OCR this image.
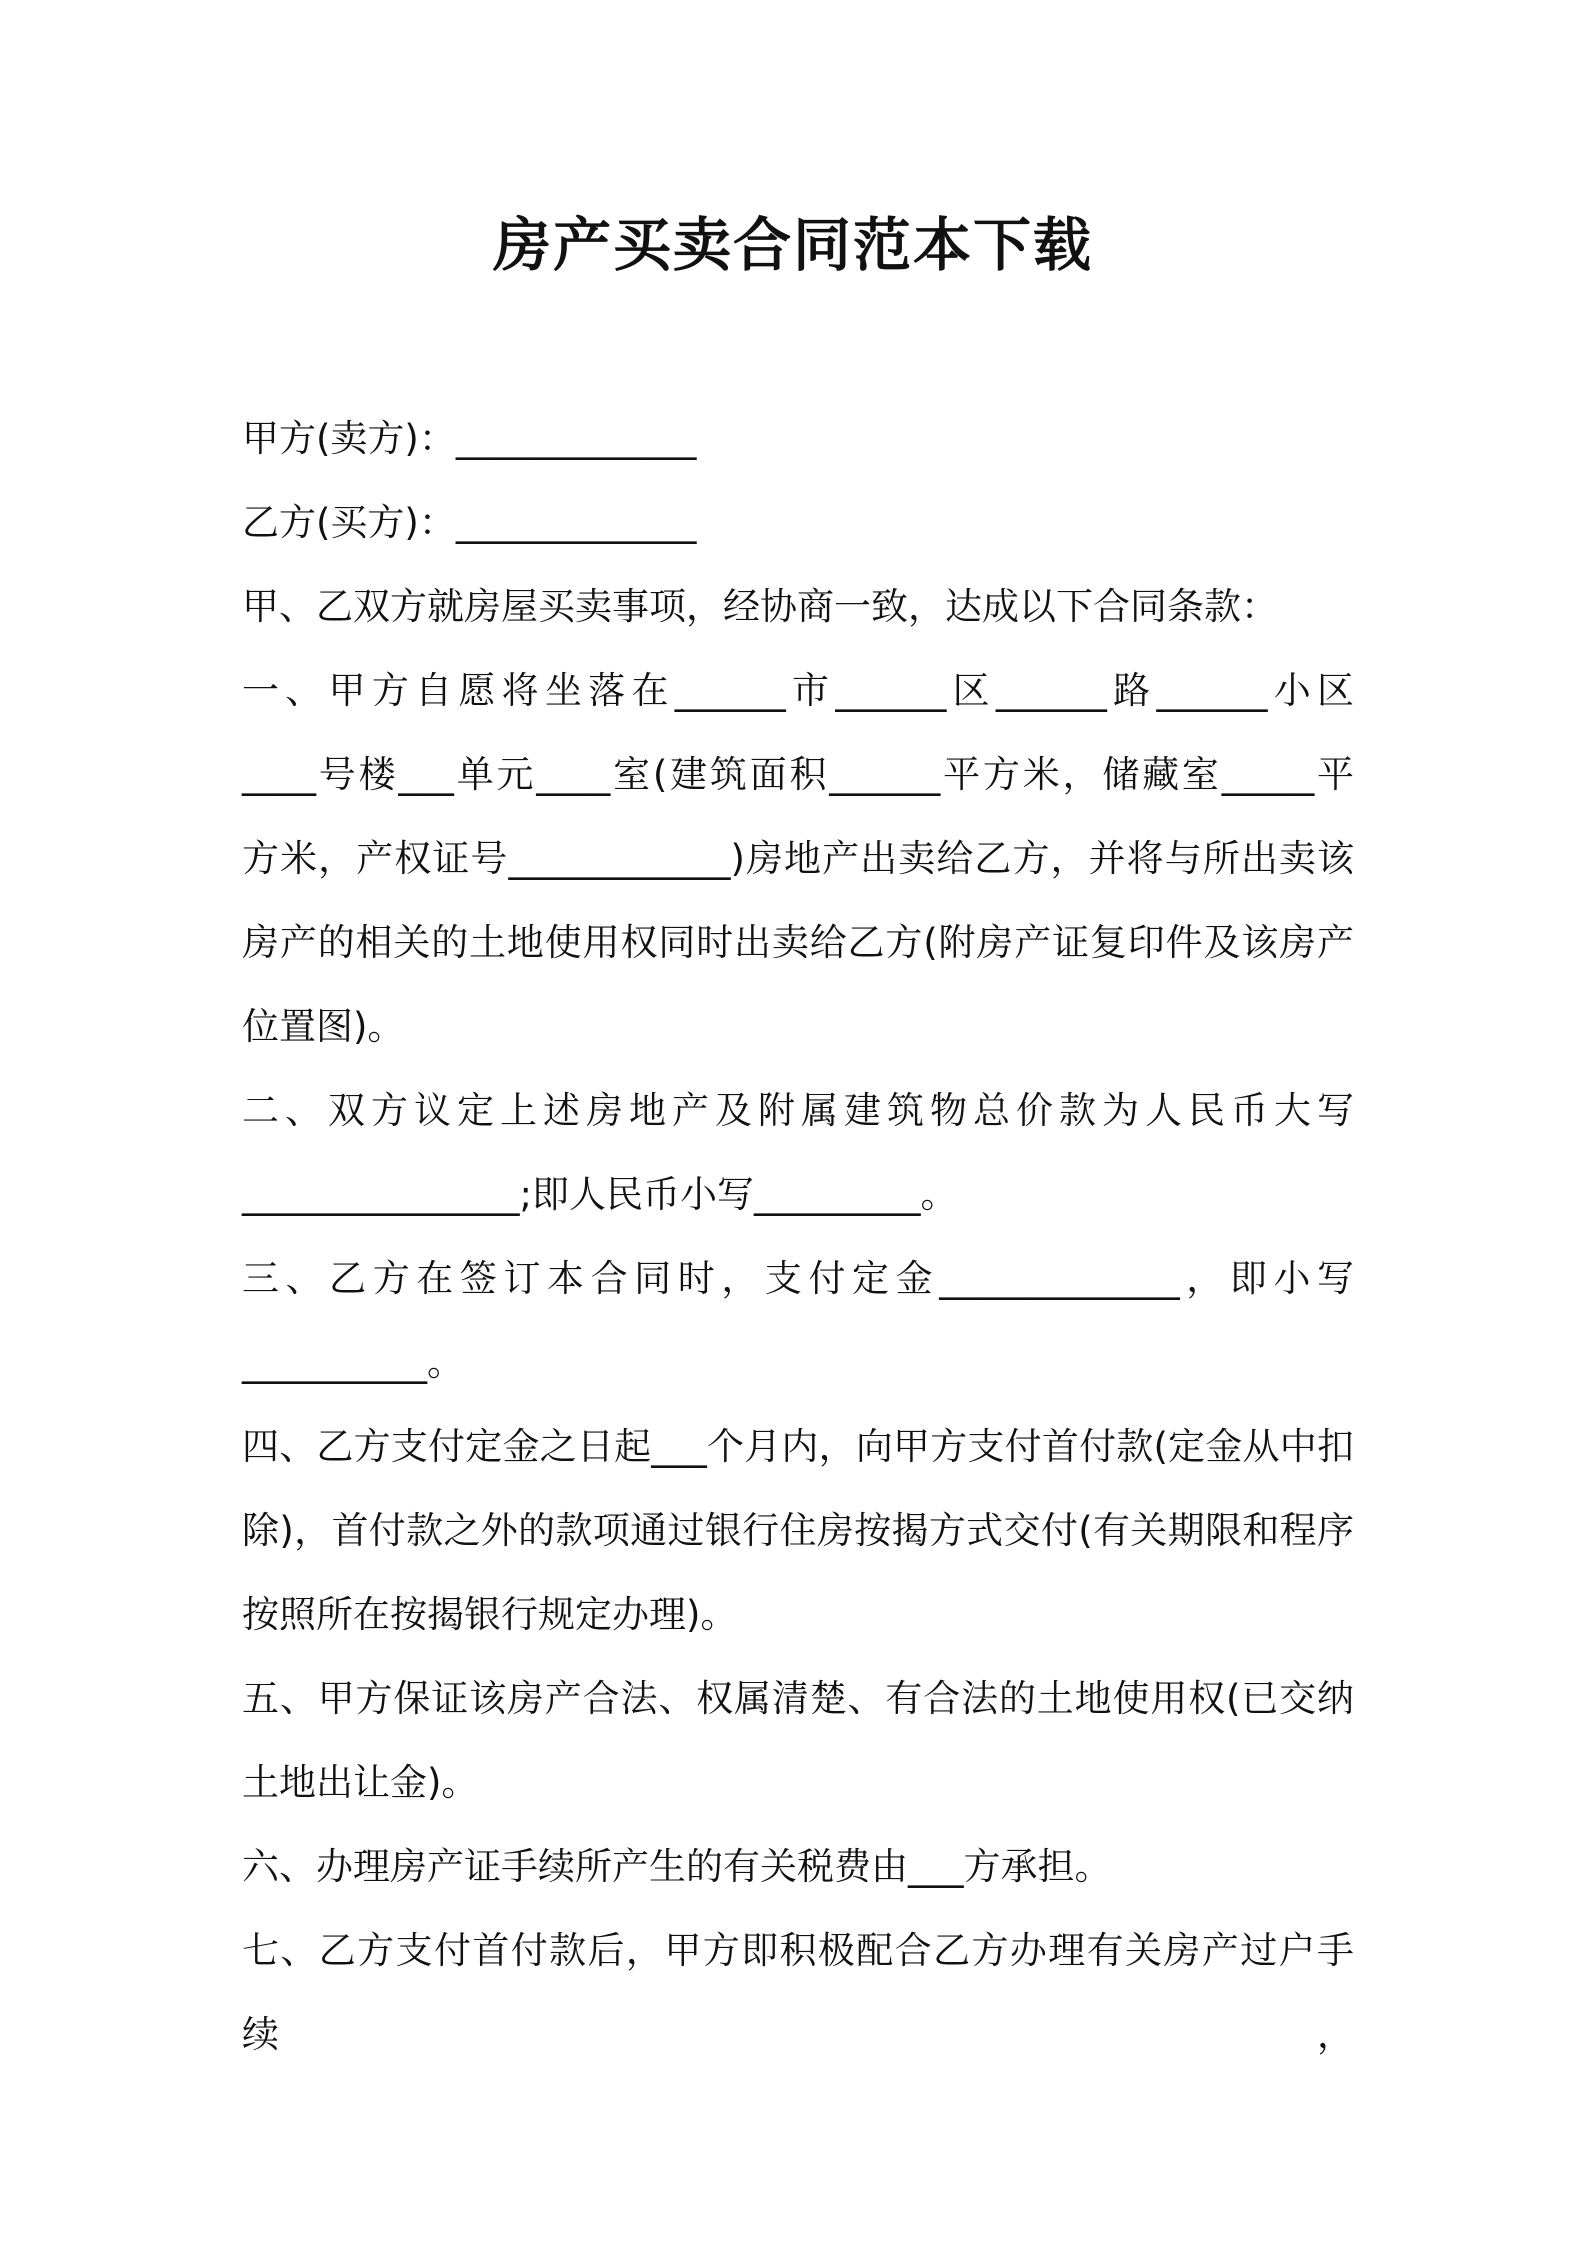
房产买卖合同范本下载
甲方(卖方)：_____________
乙方(买方)：_____________
甲、乙双方就房屋买卖事项，经协商一致，达成以下合同条款：
一、甲方自愿将坐落在______市______区______路______小区
____号楼___单元____室(建筑面积______平方米，储藏室_____平
方米，产权证号____________)房地产出卖给乙方，并将与所出卖该
房产的相关的土地使用权同时出卖给乙方(附房产证复印件及该房产
位置图)。
二、双方议定上述房地产及附属建筑物总价款为人民币大写
_______________;即人民币小写_________。
三、乙方在签订本合同时，支付定金_____________，即小写
__________。
四、乙方支付定金之日起___个月内，向甲方支付首付款(定金从中扣
除)，首付款之外的款项通过银行住房按揭方式交付(有关期限和程序
按照所在按揭银行规定办理)。
五、甲方保证该房产合法、权属清楚、有合法的土地使用权(已交纳
土地出让金)。
六、办理房产证手续所产生的有关税费由___方承担。
七、乙方支付首付款后，甲方即积极配合乙方办理有关房产过户手续，
